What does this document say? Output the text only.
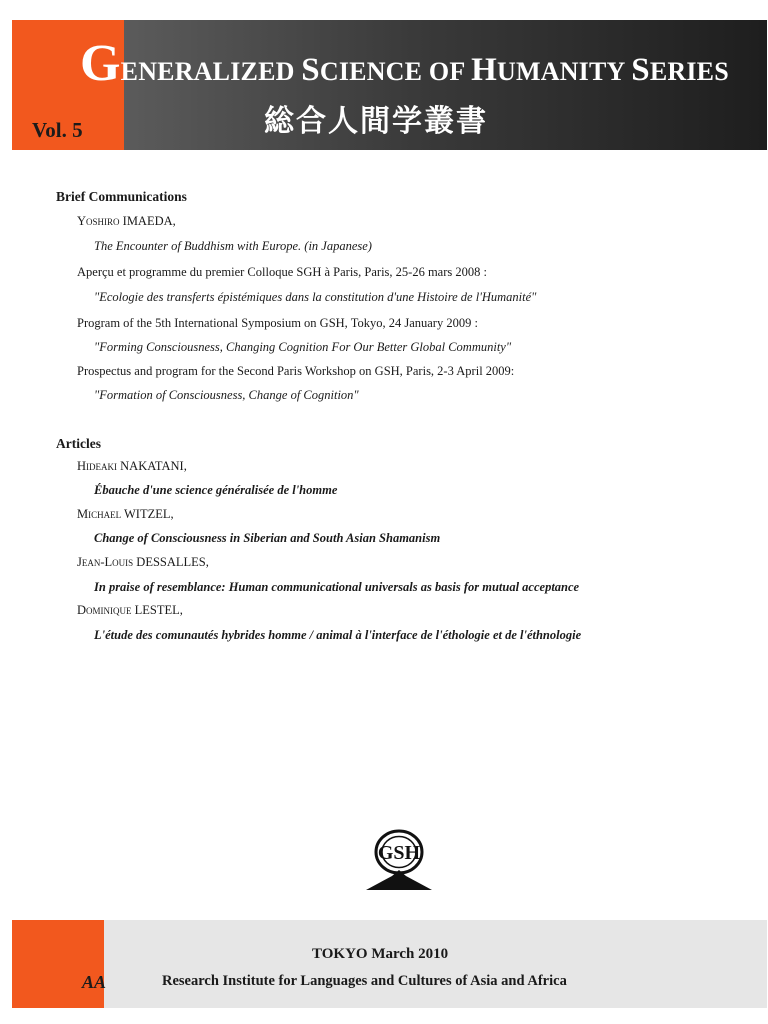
GENERALIZED SCIENCE OF HUMANITY SERIES
総合人間学叢書
Vol. 5
Brief Communications
Yoshiro IMAEDA,
The Encounter of Buddhism with Europe. (in Japanese)
Aperçu et programme du premier Colloque SGH à Paris, Paris, 25-26 mars 2008 :
"Ecologie des transferts épistémiques dans la constitution d'une Histoire de l'Humanité"
Program of the 5th International Symposium on GSH, Tokyo, 24 January 2009 :
"Forming Consciousness, Changing Cognition For Our Better Global Community"
Prospectus and program for the Second Paris Workshop on GSH, Paris, 2-3 April 2009:
"Formation of Consciousness, Change of Cognition"
Articles
Hideaki NAKATANI,
Ébauche d'une science généralisée de l'homme
Michael WITZEL,
Change of Consciousness in Siberian and South Asian Shamanism
Jean-Louis DESSALLES,
In praise of resemblance: Human communicational universals as basis for mutual acceptance
Dominique LESTEL,
L'étude des comunautés hybrides homme / animal à l'interface de l'éthologie et de l'éthnologie
GSH
AA
TOKYO March 2010
Research Institute for Languages and Cultures of Asia and Africa
